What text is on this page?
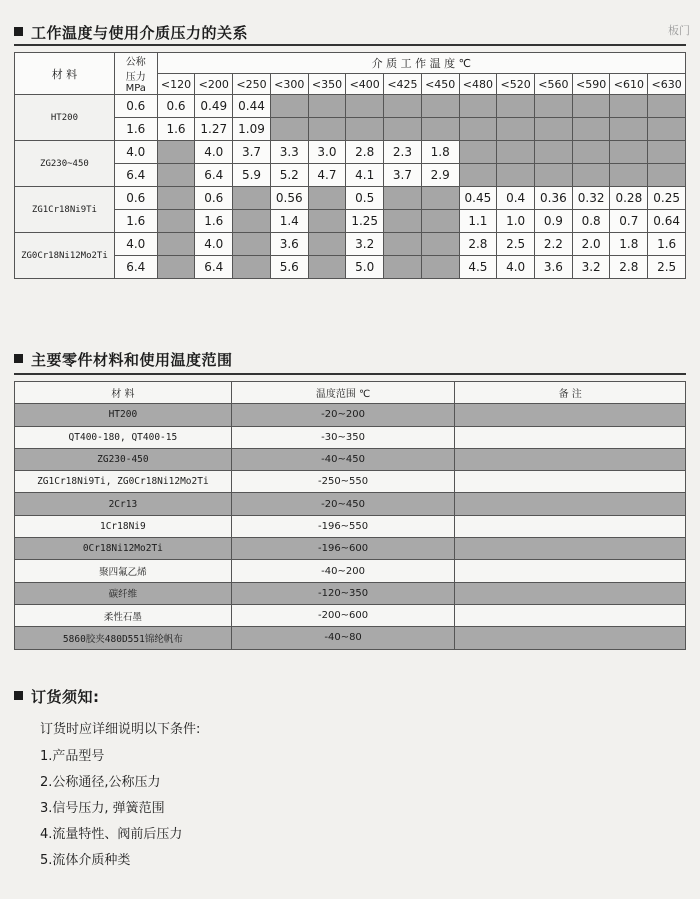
板门
工作温度与使用介质压力的关系
材 料	公称
压力
MPa	介 质 工 作 温 度 ℃													
		<120	<200	<250	<300	<350	<400	<425	<450	<480	<520	<560	<590	<610	<630
HT200	0.6	0.6	0.49	0.44											
	1.6	1.6	1.27	1.09											
ZG230~450	4.0		4.0	3.7	3.3	3.0	2.8	2.3	1.8						
	6.4		6.4	5.9	5.2	4.7	4.1	3.7	2.9						
ZG1Cr18Ni9Ti	0.6		0.6		0.56		0.5			0.45	0.4	0.36	0.32	0.28	0.25
	1.6		1.6		1.4		1.25			1.1	1.0	0.9	0.8	0.7	0.64
ZG0Cr18Ni12Mo2Ti	4.0		4.0		3.6		3.2			2.8	2.5	2.2	2.0	1.8	1.6
	6.4		6.4		5.6		5.0			4.5	4.0	3.6	3.2	2.8	2.5
主要零件材料和使用温度范围
材 料	温度范围 ℃	备 注
HT200	-20~200	
QT400-180, QT400-15	-30~350	
ZG230-450	-40~450	
ZG1Cr18Ni9Ti, ZG0Cr18Ni12Mo2Ti	-250~550	
2Cr13	-20~450	
1Cr18Ni9	-196~550	
0Cr18Ni12Mo2Ti	-196~600	
聚四氟乙烯	-40~200	
碳纤维	-120~350	
柔性石墨	-200~600	
5860胶夹480D551锦纶帆布	-40~80	
订货须知:
订货时应详细说明以下条件:
1.产品型号
2.公称通径,公称压力
3.信号压力, 弹簧范围
4.流量特性、阀前后压力
5.流体介质种类
